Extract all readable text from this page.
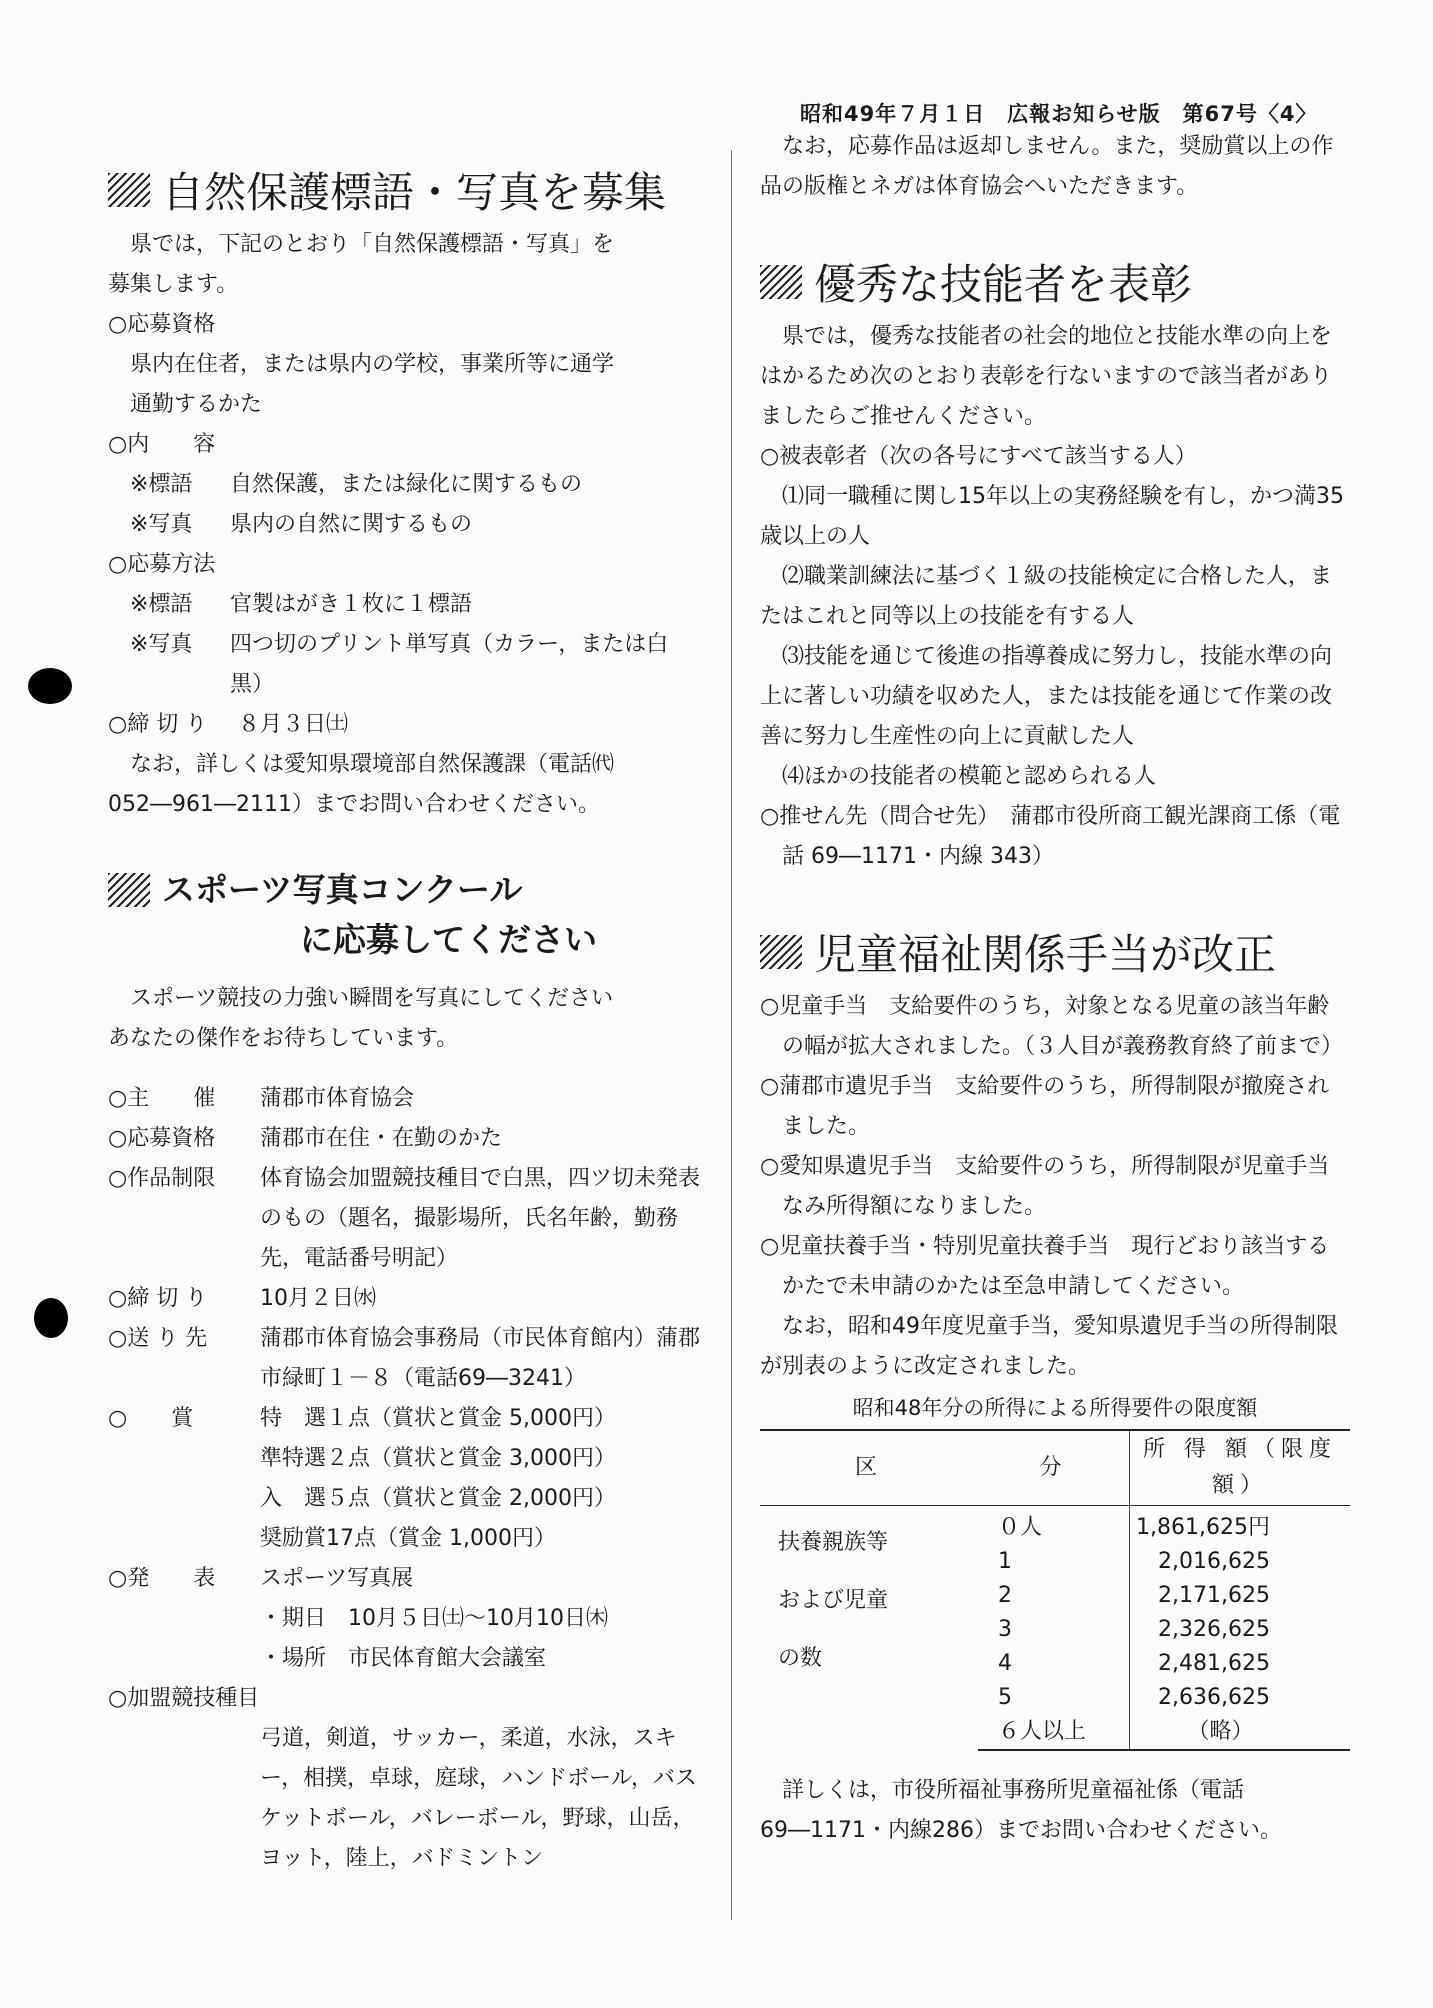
昭和49年７月１日　広報お知らせ版　第67号〈4〉
自然保護標語・写真を募集

県では，下記のとおり「自然保護標語・写真」を

募集します。

○応募資格

県内在住者，または県内の学校，事業所等に通学

通勤するかた

○内　　容

※標語	自然保護，または緑化に関するもの
※写真	県内の自然に関するもの

○応募方法

※標語	官製はがき１枚に１標語
※写真	四つ切のプリント単写真（カラー，または白黒）
○締 切 り	８月３日㈯

なお，詳しくは愛知県環境部自然保護課（電話㈹052―961―2111）までお問い合わせください。

スポーツ写真コンクール
に応募してください

スポーツ競技の力強い瞬間を写真にしてください

あなたの傑作をお待ちしています。

○主　　催	蒲郡市体育協会
○応募資格	蒲郡市在住・在勤のかた
○作品制限	体育協会加盟競技種目で白黒，四ツ切未発表のもの（題名，撮影場所，氏名年齢，勤務先，電話番号明記）
○締 切 り	10月２日㈬
○送 り 先	蒲郡市体育協会事務局（市民体育館内）蒲郡市緑町１－８（電話69―3241）
○　　賞	特　選１点（賞状と賞金 5,000円）
準特選２点（賞状と賞金 3,000円）
入　選５点（賞状と賞金 2,000円）
奨励賞17点（賞金 1,000円）
○発　　表	スポーツ写真展
・期日　10月５日㈯～10月10日㈭
・場所　市民体育館大会議室

○加盟競技種目

弓道，剣道，サッカー，柔道，水泳，スキー，相撲，卓球，庭球，ハンドボール，バスケットボール，バレーボール，野球，山岳，ヨット，陸上，バドミントン

なお，応募作品は返却しません。また，奨励賞以上の作品の版権とネガは体育協会へいただきます。

優秀な技能者を表彰

県では，優秀な技能者の社会的地位と技能水準の向上をはかるため次のとおり表彰を行ないますので該当者がありましたらご推せんください。

○被表彰者（次の各号にすべて該当する人）

⑴同一職種に関し15年以上の実務経験を有し，かつ満35歳以上の人

⑵職業訓練法に基づく１級の技能検定に合格した人，またはこれと同等以上の技能を有する人

⑶技能を通じて後進の指導養成に努力し，技能水準の向上に著しい功績を収めた人，または技能を通じて作業の改善に努力し生産性の向上に貢献した人

⑷ほかの技能者の模範と認められる人

○推せん先（問合せ先）　蒲郡市役所商工観光課商工係（電話 69―1171・内線 343）

児童福祉関係手当が改正

○児童手当　支給要件のうち，対象となる児童の該当年齢の幅が拡大されました。（３人目が義務教育終了前まで）

○蒲郡市遺児手当　支給要件のうち，所得制限が撤廃されました。

○愛知県遺児手当　支給要件のうち，所得制限が児童手当なみ所得額になりました。

○児童扶養手当・特別児童扶養手当　現行どおり該当するかたで未申請のかたは至急申請してください。

なお，昭和49年度児童手当，愛知県遺児手当の所得制限が別表のように改定されました。

昭和48年分の所得による所得要件の限度額
区	分	所 得 額（限度額）

扶養親族等
および児童
の数	０人	1,861,625円
	1	2,016,625
	2	2,171,625
	3	2,326,625
	4	2,481,625
	5	2,636,625
	６人以上	（略）

詳しくは，市役所福祉事務所児童福祉係（電話69―1171・内線286）までお問い合わせください。
